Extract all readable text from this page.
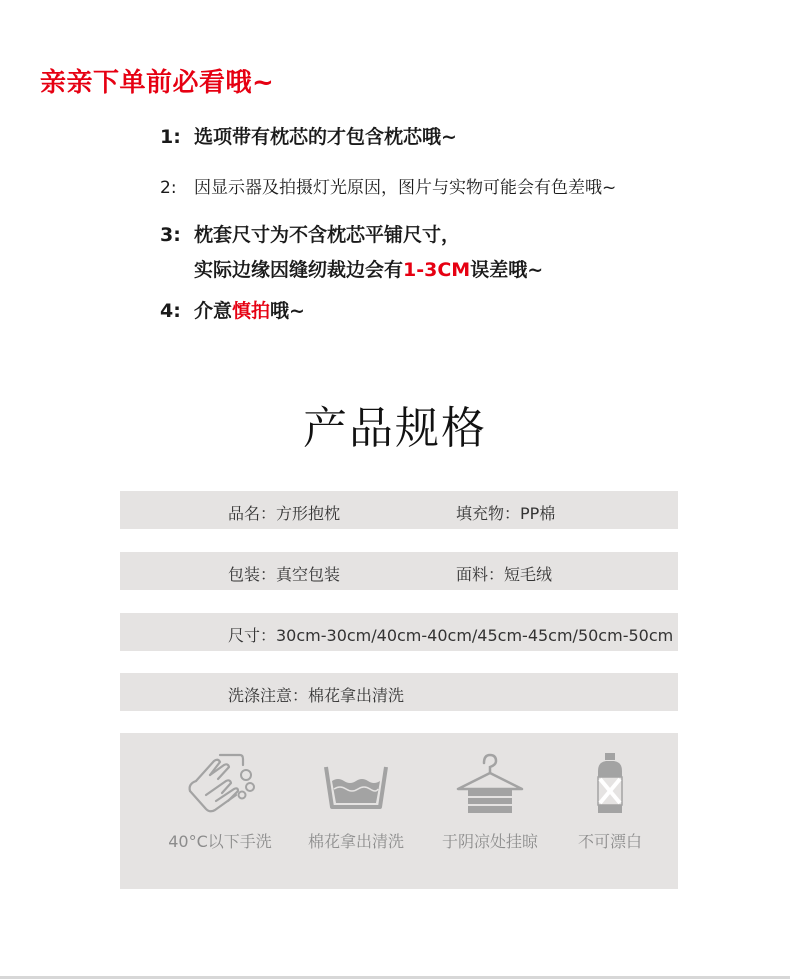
亲亲下单前必看哦~
1: 选项带有枕芯的才包含枕芯哦~
2: 因显示器及拍摄灯光原因，图片与实物可能会有色差哦~
3: 枕套尺寸为不含枕芯平铺尺寸，
实际边缘因缝纫裁边会有1-3CM误差哦~
4: 介意慎拍哦~
产品规格
品名：方形抱枕	填充物：PP棉
包装：真空包装	面料：短毛绒
尺寸：30cm-30cm/40cm-40cm/45cm-45cm/50cm-50cm
洗涤注意：棉花拿出清洗
40°C以下手洗	棉花拿出清洗	于阴凉处挂晾	不可漂白
